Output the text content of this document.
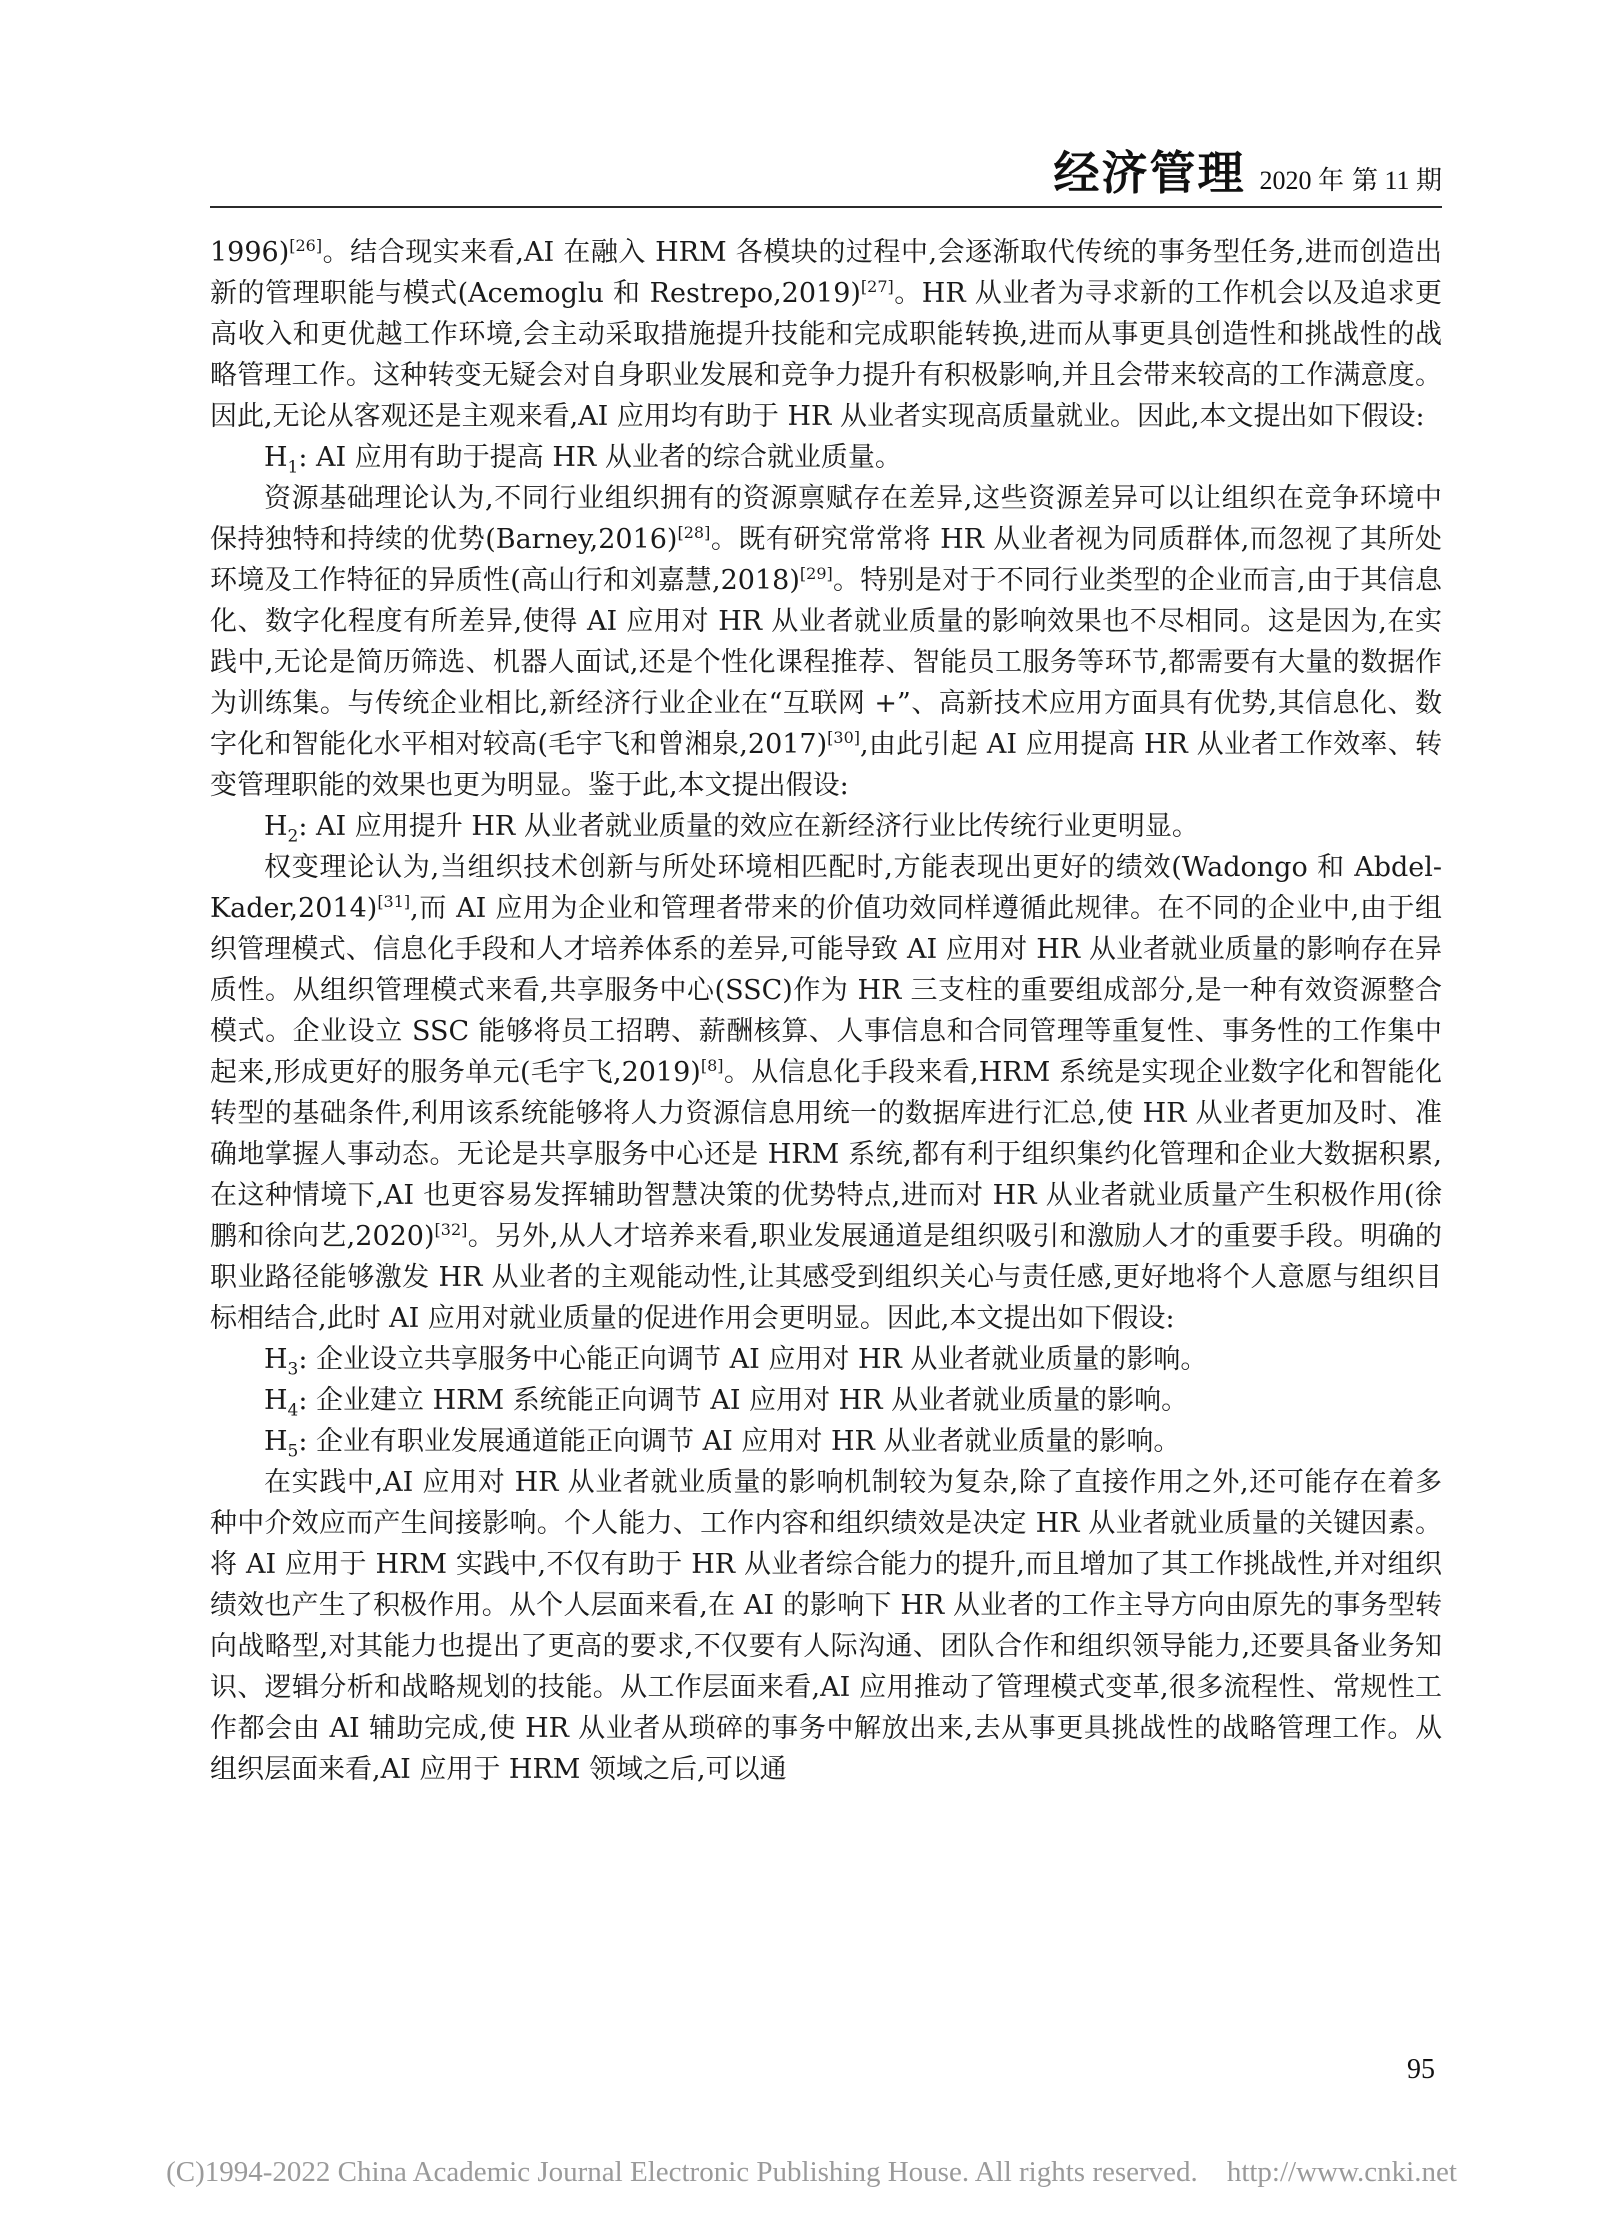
经济管理 2020 年 第 11 期

1996)[26]。结合现实来看,AI 在融入 HRM 各模块的过程中,会逐渐取代传统的事务型任务,进而创造出新的管理职能与模式(Acemoglu 和 Restrepo,2019)[27]。HR 从业者为寻求新的工作机会以及追求更高收入和更优越工作环境,会主动采取措施提升技能和完成职能转换,进而从事更具创造性和挑战性的战略管理工作。这种转变无疑会对自身职业发展和竞争力提升有积极影响,并且会带来较高的工作满意度。因此,无论从客观还是主观来看,AI 应用均有助于 HR 从业者实现高质量就业。因此,本文提出如下假设:

$H_1$: AI 应用有助于提高 HR 从业者的综合就业质量。

资源基础理论认为,不同行业组织拥有的资源禀赋存在差异,这些资源差异可以让组织在竞争环境中保持独特和持续的优势(Barney,2016)[28]。既有研究常常将 HR 从业者视为同质群体,而忽视了其所处环境及工作特征的异质性(高山行和刘嘉慧,2018)[29]。特别是对于不同行业类型的企业而言,由于其信息化、数字化程度有所差异,使得 AI 应用对 HR 从业者就业质量的影响效果也不尽相同。这是因为,在实践中,无论是简历筛选、机器人面试,还是个性化课程推荐、智能员工服务等环节,都需要有大量的数据作为训练集。与传统企业相比,新经济行业企业在“互联网 +”、高新技术应用方面具有优势,其信息化、数字化和智能化水平相对较高(毛宇飞和曾湘泉,2017)[30],由此引起 AI 应用提高 HR 从业者工作效率、转变管理职能的效果也更为明显。鉴于此,本文提出假设:

$H_2$: AI 应用提升 HR 从业者就业质量的效应在新经济行业比传统行业更明显。

权变理论认为,当组织技术创新与所处环境相匹配时,方能表现出更好的绩效(Wadongo 和 Abdel-Kader,2014)[31],而 AI 应用为企业和管理者带来的价值功效同样遵循此规律。在不同的企业中,由于组织管理模式、信息化手段和人才培养体系的差异,可能导致 AI 应用对 HR 从业者就业质量的影响存在异质性。从组织管理模式来看,共享服务中心(SSC)作为 HR 三支柱的重要组成部分,是一种有效资源整合模式。企业设立 SSC 能够将员工招聘、薪酬核算、人事信息和合同管理等重复性、事务性的工作集中起来,形成更好的服务单元(毛宇飞,2019)[8]。从信息化手段来看,HRM 系统是实现企业数字化和智能化转型的基础条件,利用该系统能够将人力资源信息用统一的数据库进行汇总,使 HR 从业者更加及时、准确地掌握人事动态。无论是共享服务中心还是 HRM 系统,都有利于组织集约化管理和企业大数据积累,在这种情境下,AI 也更容易发挥辅助智慧决策的优势特点,进而对 HR 从业者就业质量产生积极作用(徐鹏和徐向艺,2020)[32]。另外,从人才培养来看,职业发展通道是组织吸引和激励人才的重要手段。明确的职业路径能够激发 HR 从业者的主观能动性,让其感受到组织关心与责任感,更好地将个人意愿与组织目标相结合,此时 AI 应用对就业质量的促进作用会更明显。因此,本文提出如下假设:

$H_3$: 企业设立共享服务中心能正向调节 AI 应用对 HR 从业者就业质量的影响。

$H_4$: 企业建立 HRM 系统能正向调节 AI 应用对 HR 从业者就业质量的影响。

$H_5$: 企业有职业发展通道能正向调节 AI 应用对 HR 从业者就业质量的影响。

在实践中,AI 应用对 HR 从业者就业质量的影响机制较为复杂,除了直接作用之外,还可能存在着多种中介效应而产生间接影响。个人能力、工作内容和组织绩效是决定 HR 从业者就业质量的关键因素。将 AI 应用于 HRM 实践中,不仅有助于 HR 从业者综合能力的提升,而且增加了其工作挑战性,并对组织绩效也产生了积极作用。从个人层面来看,在 AI 的影响下 HR 从业者的工作主导方向由原先的事务型转向战略型,对其能力也提出了更高的要求,不仅要有人际沟通、团队合作和组织领导能力,还要具备业务知识、逻辑分析和战略规划的技能。从工作层面来看,AI 应用推动了管理模式变革,很多流程性、常规性工作都会由 AI 辅助完成,使 HR 从业者从琐碎的事务中解放出来,去从事更具挑战性的战略管理工作。从组织层面来看,AI 应用于 HRM 领域之后,可以通

95
(C)1994-2022 China Academic Journal Electronic Publishing House. All rights reserved. http://www.cnki.net
